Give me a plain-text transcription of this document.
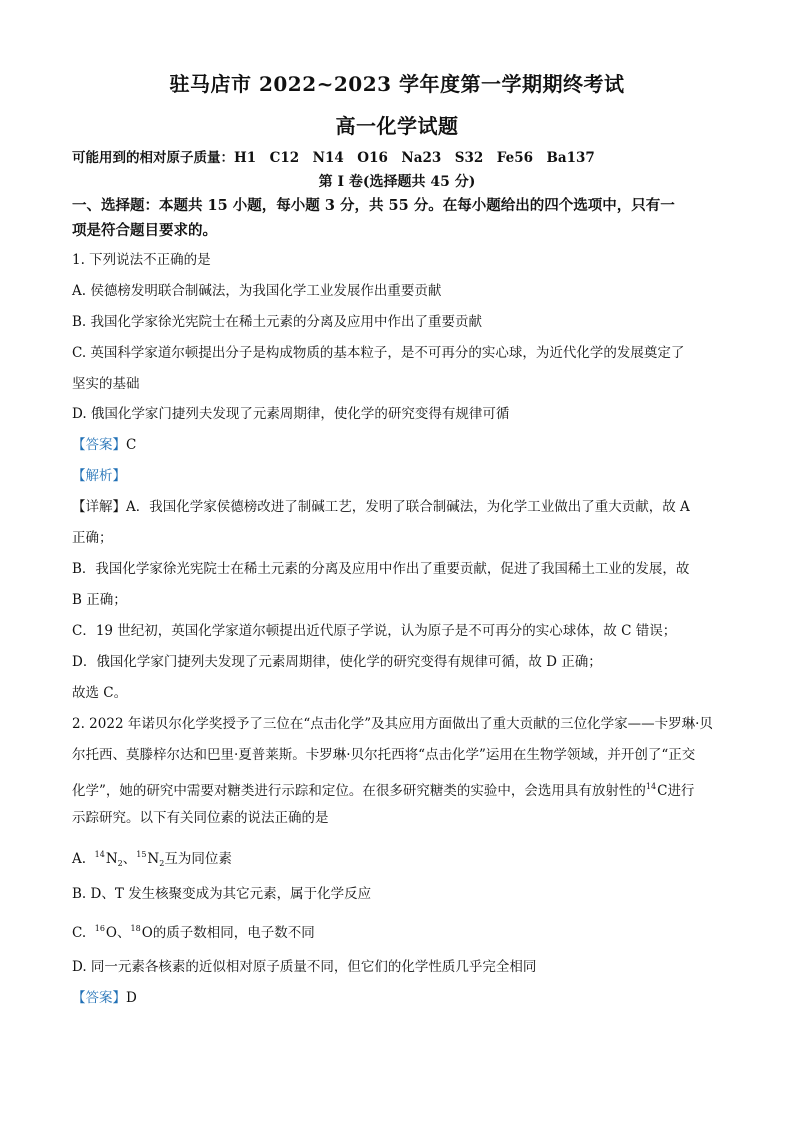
驻马店市 2022~2023 学年度第一学期期终考试
高一化学试题
可能用到的相对原子质量：H1　C12　N14　O16　Na23　S32　Fe56　Ba137
第 I 卷(选择题共 45 分)
一、选择题：本题共 15 小题，每小题 3 分，共 55 分。在每小题给出的四个选项中，只有一
项是符合题目要求的。
1. 下列说法不正确的是
A. 侯德榜发明联合制碱法，为我国化学工业发展作出重要贡献
B. 我国化学家徐光宪院士在稀土元素的分离及应用中作出了重要贡献
C. 英国科学家道尔顿提出分子是构成物质的基本粒子，是不可再分的实心球，为近代化学的发展奠定了
坚实的基础
D. 俄国化学家门捷列夫发现了元素周期律，使化学的研究变得有规律可循
【答案】C
【解析】
【详解】A．我国化学家侯德榜改进了制碱工艺，发明了联合制碱法，为化学工业做出了重大贡献，故 A
正确；
B．我国化学家徐光宪院士在稀土元素的分离及应用中作出了重要贡献，促进了我国稀土工业的发展，故
B 正确；
C．19 世纪初，英国化学家道尔顿提出近代原子学说，认为原子是不可再分的实心球体，故 C 错误；
D．俄国化学家门捷列夫发现了元素周期律，使化学的研究变得有规律可循，故 D 正确；
故选 C。
2. 2022 年诺贝尔化学奖授予了三位在“点击化学”及其应用方面做出了重大贡献的三位化学家——卡罗琳·贝
尔托西、莫滕梓尔达和巴里·夏普莱斯。卡罗琳·贝尔托西将“点击化学”运用在生物学领域，并开创了“正交
化学”，她的研究中需要对糖类进行示踪和定位。在很多研究糖类的实验中，会选用具有放射性的$^{14}$C进行
示踪研究。以下有关同位素的说法正确的是
A. $^{14}N_2$、$^{15}N_2$互为同位素
B. D、T 发生核聚变成为其它元素，属于化学反应
C. $^{16}$O、$^{18}$O的质子数相同，电子数不同
D. 同一元素各核素的近似相对原子质量不同，但它们的化学性质几乎完全相同
【答案】D
